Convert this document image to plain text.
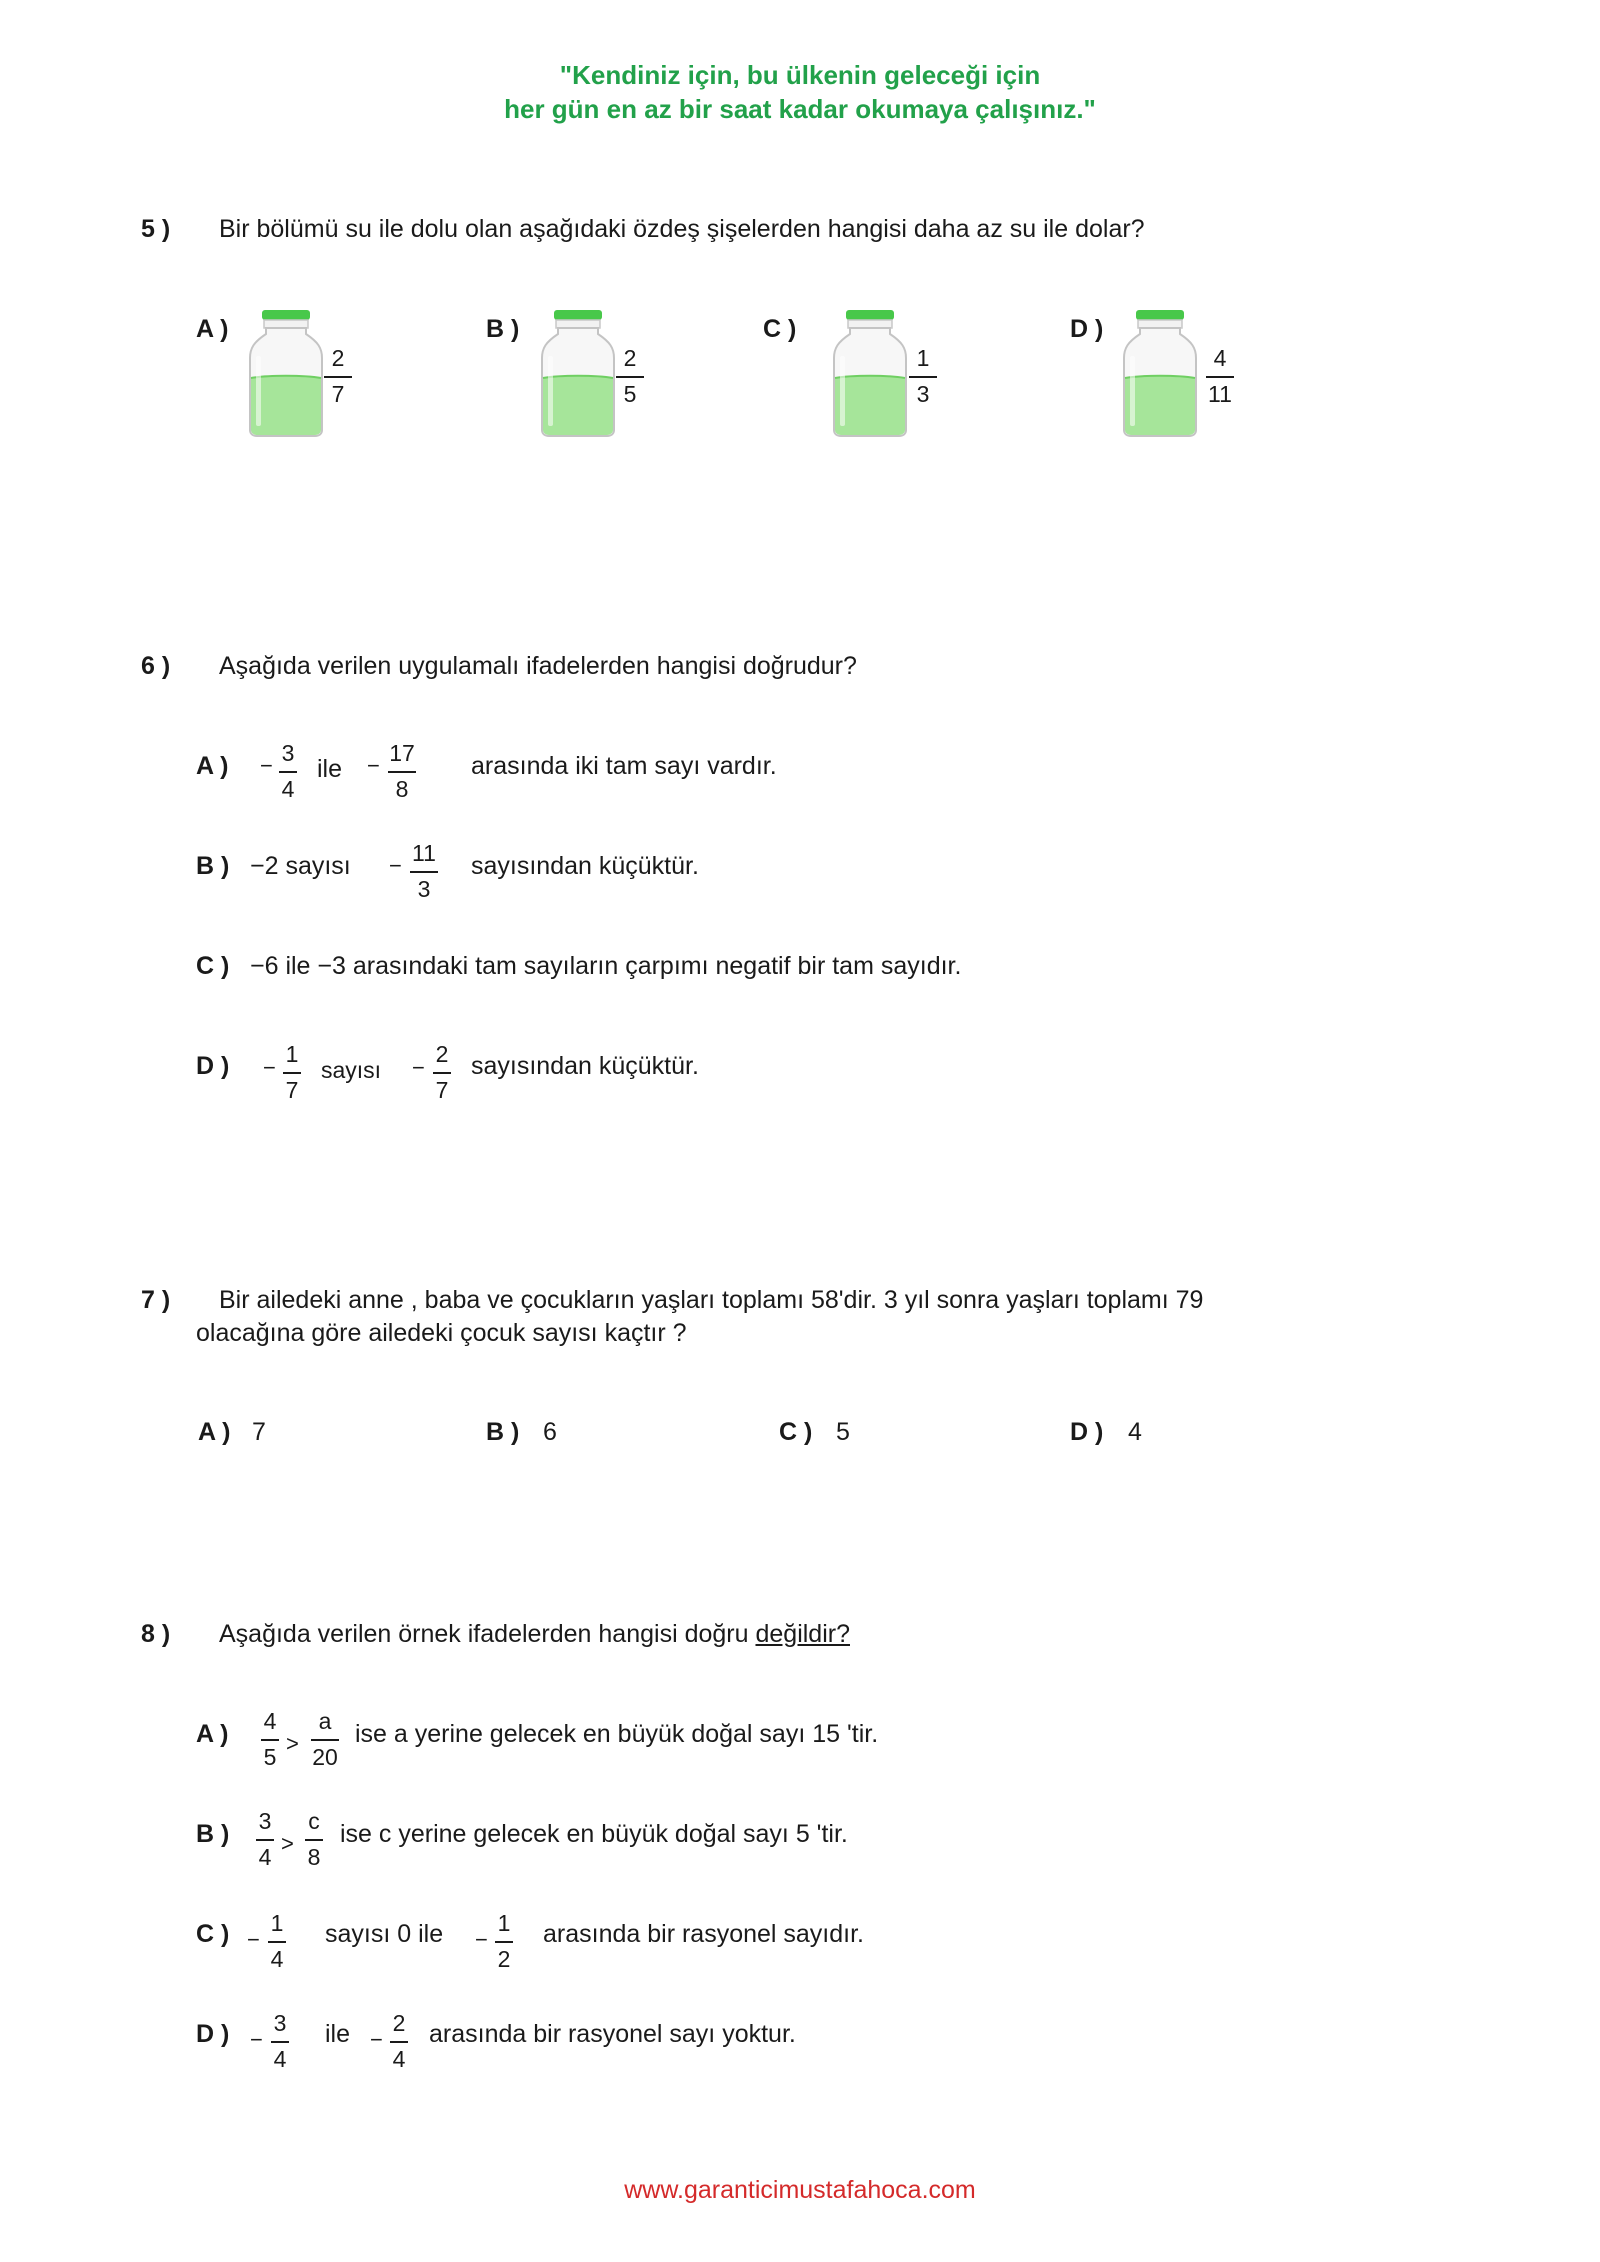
"Kendiniz için, bu ülkenin geleceği için
her gün en az bir saat kadar okumaya çalışınız."
5 ) Bir bölümü su ile dolu olan aşağıdaki özdeş şişelerden hangisi daha az su ile dolar?
A )
2
7
B )
2
5
C )
1
3
D )
4
11
6 ) Aşağıda verilen uygulamalı ifadelerden hangisi doğrudur?
A ) − 3
4
ile − 17
8
arasında iki tam sayı vardır.
B ) −2 sayısı − 11
3
sayısından küçüktür.
C ) −6 ile −3 arasındaki tam sayıların çarpımı negatif bir tam sayıdır.
D ) −
1
7
sayısı −
2
7
sayısından küçüktür.
7 ) Bir ailedeki anne , baba ve çocukların yaşları toplamı 58'dir. 3 yıl sonra yaşları toplamı 79
olacağına göre ailedeki çocuk sayısı kaçtır ?
A ) 7	B ) 6	C ) 5	D ) 4
8 ) Aşağıda verilen örnek ifadelerden hangisi doğru değildir?
A )	4
5 >
a
20
ise a yerine gelecek en büyük doğal sayı 15 'tir.
B )	3
4 >
c
8
ise c yerine gelecek en büyük doğal sayı 5 'tir.
C ) −
1
4
sayısı 0 ile −
1
2
arasında bir rasyonel sayıdır.
D ) −
3
4
ile −
2
4
arasında bir rasyonel sayı yoktur.
www.garanticimustafahoca.com
